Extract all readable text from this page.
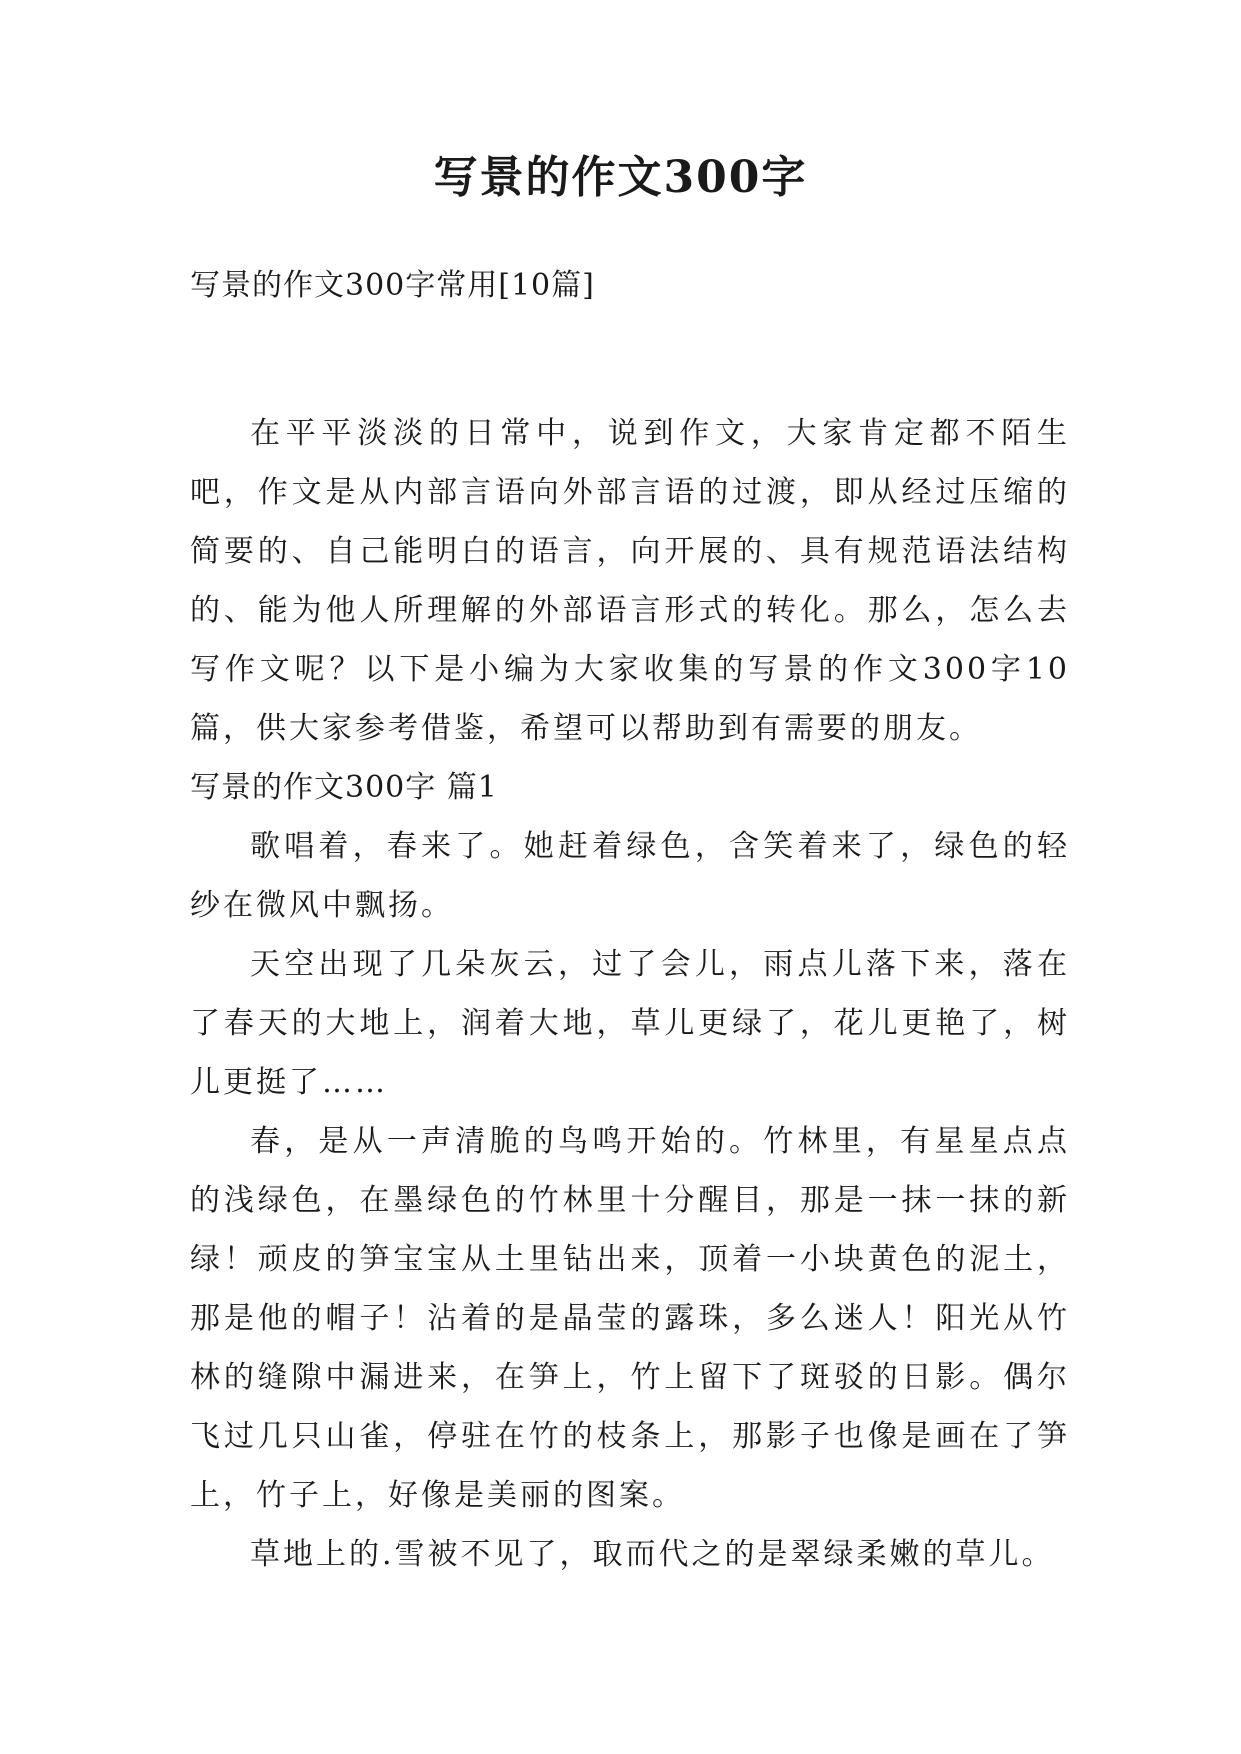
写景的作文300字
写景的作文300字常用[10篇]

在平平淡淡的日常中，说到作文，大家肯定都不陌生吧，作文是从内部言语向外部言语的过渡，即从经过压缩的简要的、自己能明白的语言，向开展的、具有规范语法结构的、能为他人所理解的外部语言形式的转化。那么，怎么去写作文呢？以下是小编为大家收集的写景的作文300字10篇，供大家参考借鉴，希望可以帮助到有需要的朋友。

写景的作文300字 篇1

歌唱着，春来了。她赶着绿色，含笑着来了，绿色的轻纱在微风中飘扬。

天空出现了几朵灰云，过了会儿，雨点儿落下来，落在了春天的大地上，润着大地，草儿更绿了，花儿更艳了，树儿更挺了……

春，是从一声清脆的鸟鸣开始的。竹林里，有星星点点的浅绿色，在墨绿色的竹林里十分醒目，那是一抹一抹的新绿！顽皮的笋宝宝从土里钻出来，顶着一小块黄色的泥土，那是他的帽子！沾着的是晶莹的露珠，多么迷人！阳光从竹林的缝隙中漏进来，在笋上，竹上留下了斑驳的日影。偶尔飞过几只山雀，停驻在竹的枝条上，那影子也像是画在了笋上，竹子上，好像是美丽的图案。

草地上的.雪被不见了，取而代之的是翠绿柔嫩的草儿。
